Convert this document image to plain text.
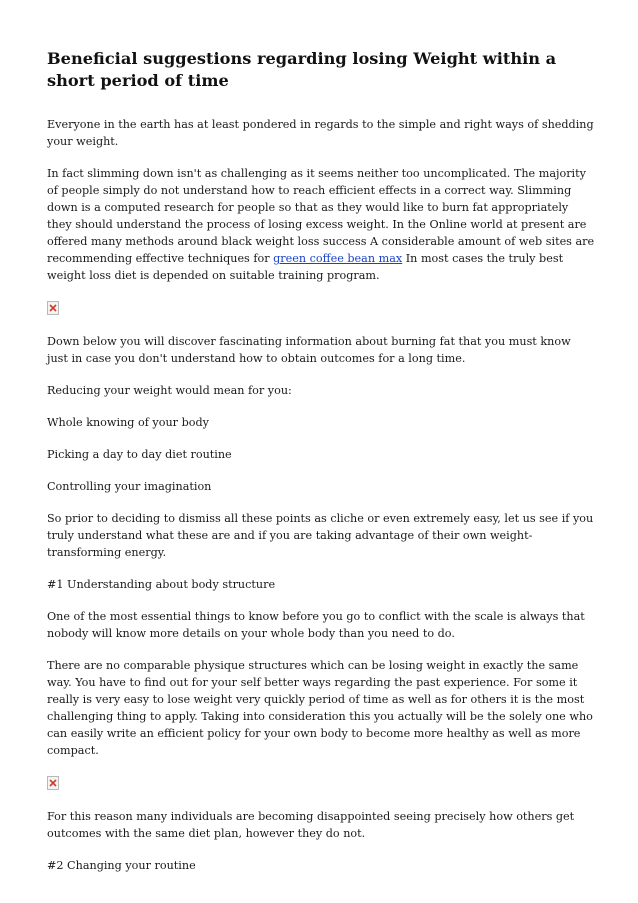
Beneficial suggestions regarding losing Weight within a short period of time

Everyone in the earth has at least pondered in regards to the simple and right ways of shedding your weight.

In fact slimming down isn't as challenging as it seems neither too uncomplicated. The majority of people simply do not understand how to reach efficient effects in a correct way. Slimming down is a computed research for people so that as they would like to burn fat appropriately they should understand the process of losing excess weight. In the Online world at present are offered many methods around black weight loss success A considerable amount of web sites are recommending effective techniques for green coffee bean max In most cases the truly best weight loss diet is depended on suitable training program.

Down below you will discover fascinating information about burning fat that you must know just in case you don't understand how to obtain outcomes for a long time.

Reducing your weight would mean for you:

Whole knowing of your body

Picking a day to day diet routine

Controlling your imagination

So prior to deciding to dismiss all these points as cliche or even extremely easy, let us see if you truly understand what these are and if you are taking advantage of their own weight-transforming energy.

#1 Understanding about body structure

One of the most essential things to know before you go to conflict with the scale is always that nobody will know more details on your whole body than you need to do.

There are no comparable physique structures which can be losing weight in exactly the same way. You have to find out for your self better ways regarding the past experience. For some it really is very easy to lose weight very quickly period of time as well as for others it is the most challenging thing to apply. Taking into consideration this you actually will be the solely one who can easily write an efficient policy for your own body to become more healthy as well as more compact.

For this reason many individuals are becoming disappointed seeing precisely how others get outcomes with the same diet plan, however they do not.

#2 Changing your routine
